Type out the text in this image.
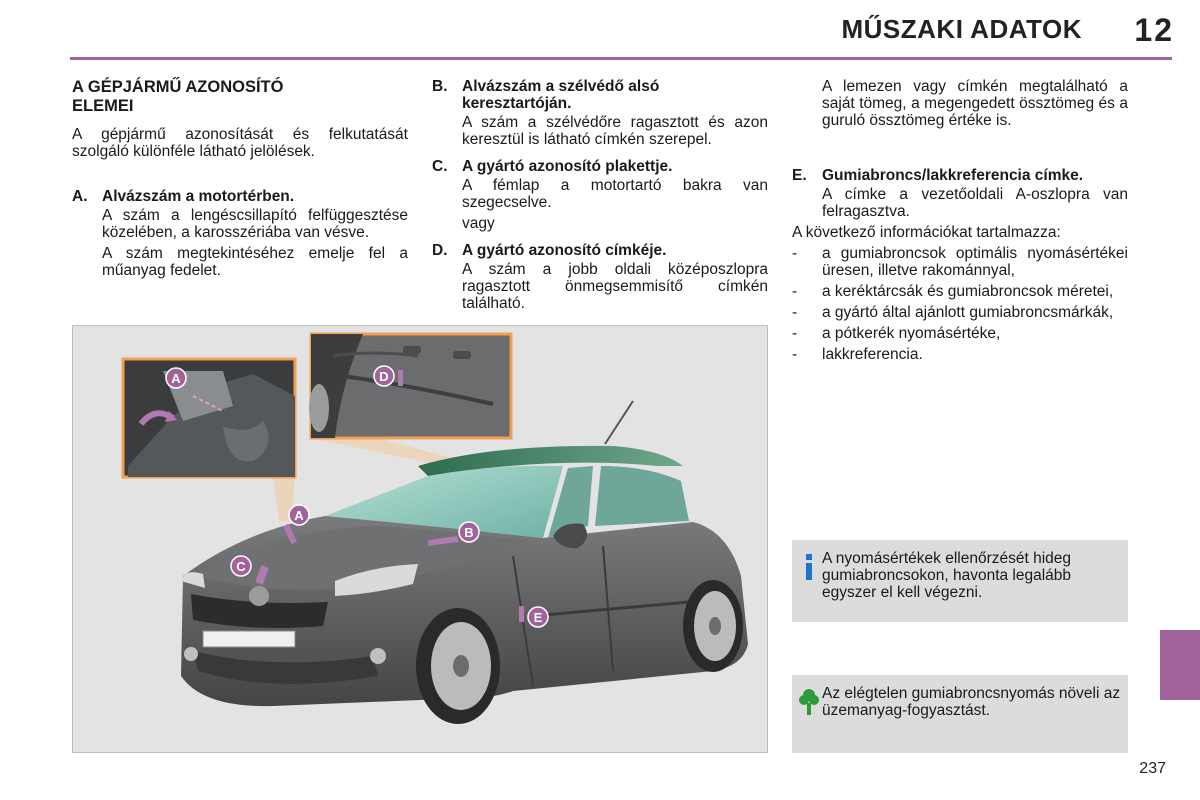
MŰSZAKI ADATOK 12
A GÉPJÁRMŰ AZONOSÍTÓ
ELEMEI

A gépjármű azonosítását és felkutatását szolgáló különféle látható jelölések.

A. Alvázszám a motortérben.

A szám a lengéscsillapító felfüggesztése közelében, a karosszériába van vésve.

A szám megtekintéséhez emelje fel a műanyag fedelet.

B. Alvázszám a szélvédő alsó keresztartóján.

A szám a szélvédőre ragasztott és azon keresztül is látható címkén szerepel.

C. A gyártó azonosító plakettje.

A fémlap a motortartó bakra van szegecselve.

vagy

D. A gyártó azonosító címkéje.

A szám a jobb oldali középoszlopra ragasztott önmegsemmisítő címkén található.

A lemezen vagy címkén megtalálható a saját tömeg, a megengedett össztömeg és a guruló össztömeg értéke is.

E. Gumiabroncs/lakkreferencia címke.

A címke a vezetőoldali A-oszlopra van felragasztva.

A következő információkat tartalmazza:

- a gumiabroncsok optimális nyomásértékei üresen, illetve rakománnyal,
- a keréktárcsák és gumiabroncsok méretei,
- a gyártó által ajánlott gumiabroncsmárkák,
- a pótkerék nyomásértéke,
- lakkreferencia.
A	D
A
B
C
E
D
A nyomásértékek ellenőrzését hideg gumiabroncsokon, havonta legalább egyszer el kell végezni.
Az elégtelen gumiabroncsnyomás növeli az üzemanyag-fogyasztást.
237
